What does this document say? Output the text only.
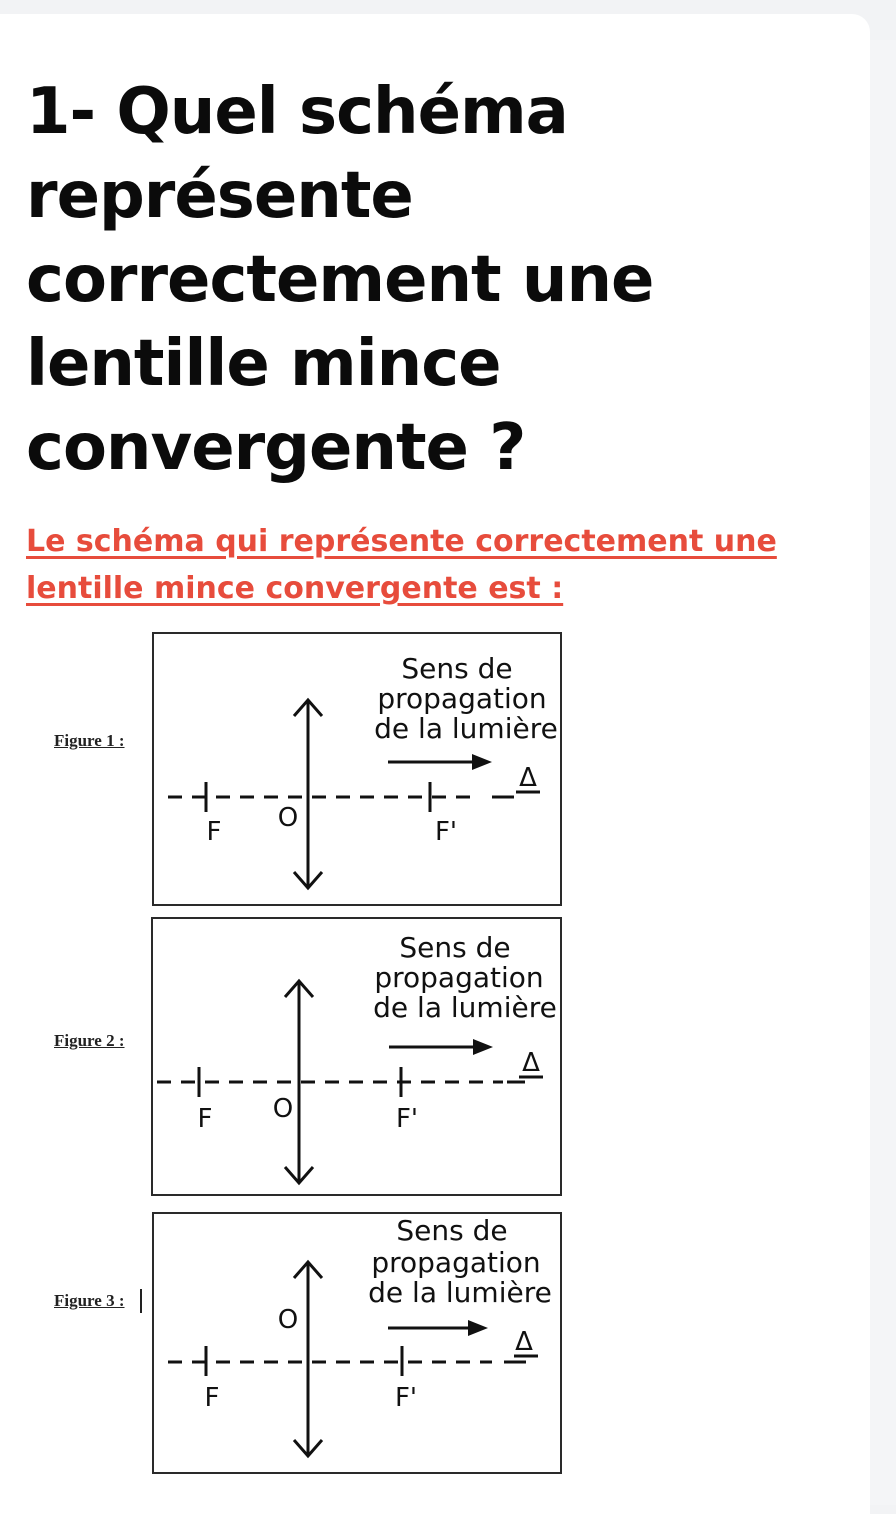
1- Quel schéma représente correctement une lentille mince convergente ?

Le schéma qui représente correctement une lentille mince convergente est :

Figure 1 :
Sens de
propagation
de la lumière
Δ
F O	F'
Figure 2 :
Sens de
propagation
de la lumière
Δ
F O	F'
Figure 3 :
Sens de
propagation
de la lumière
Δ
F
O
F'
